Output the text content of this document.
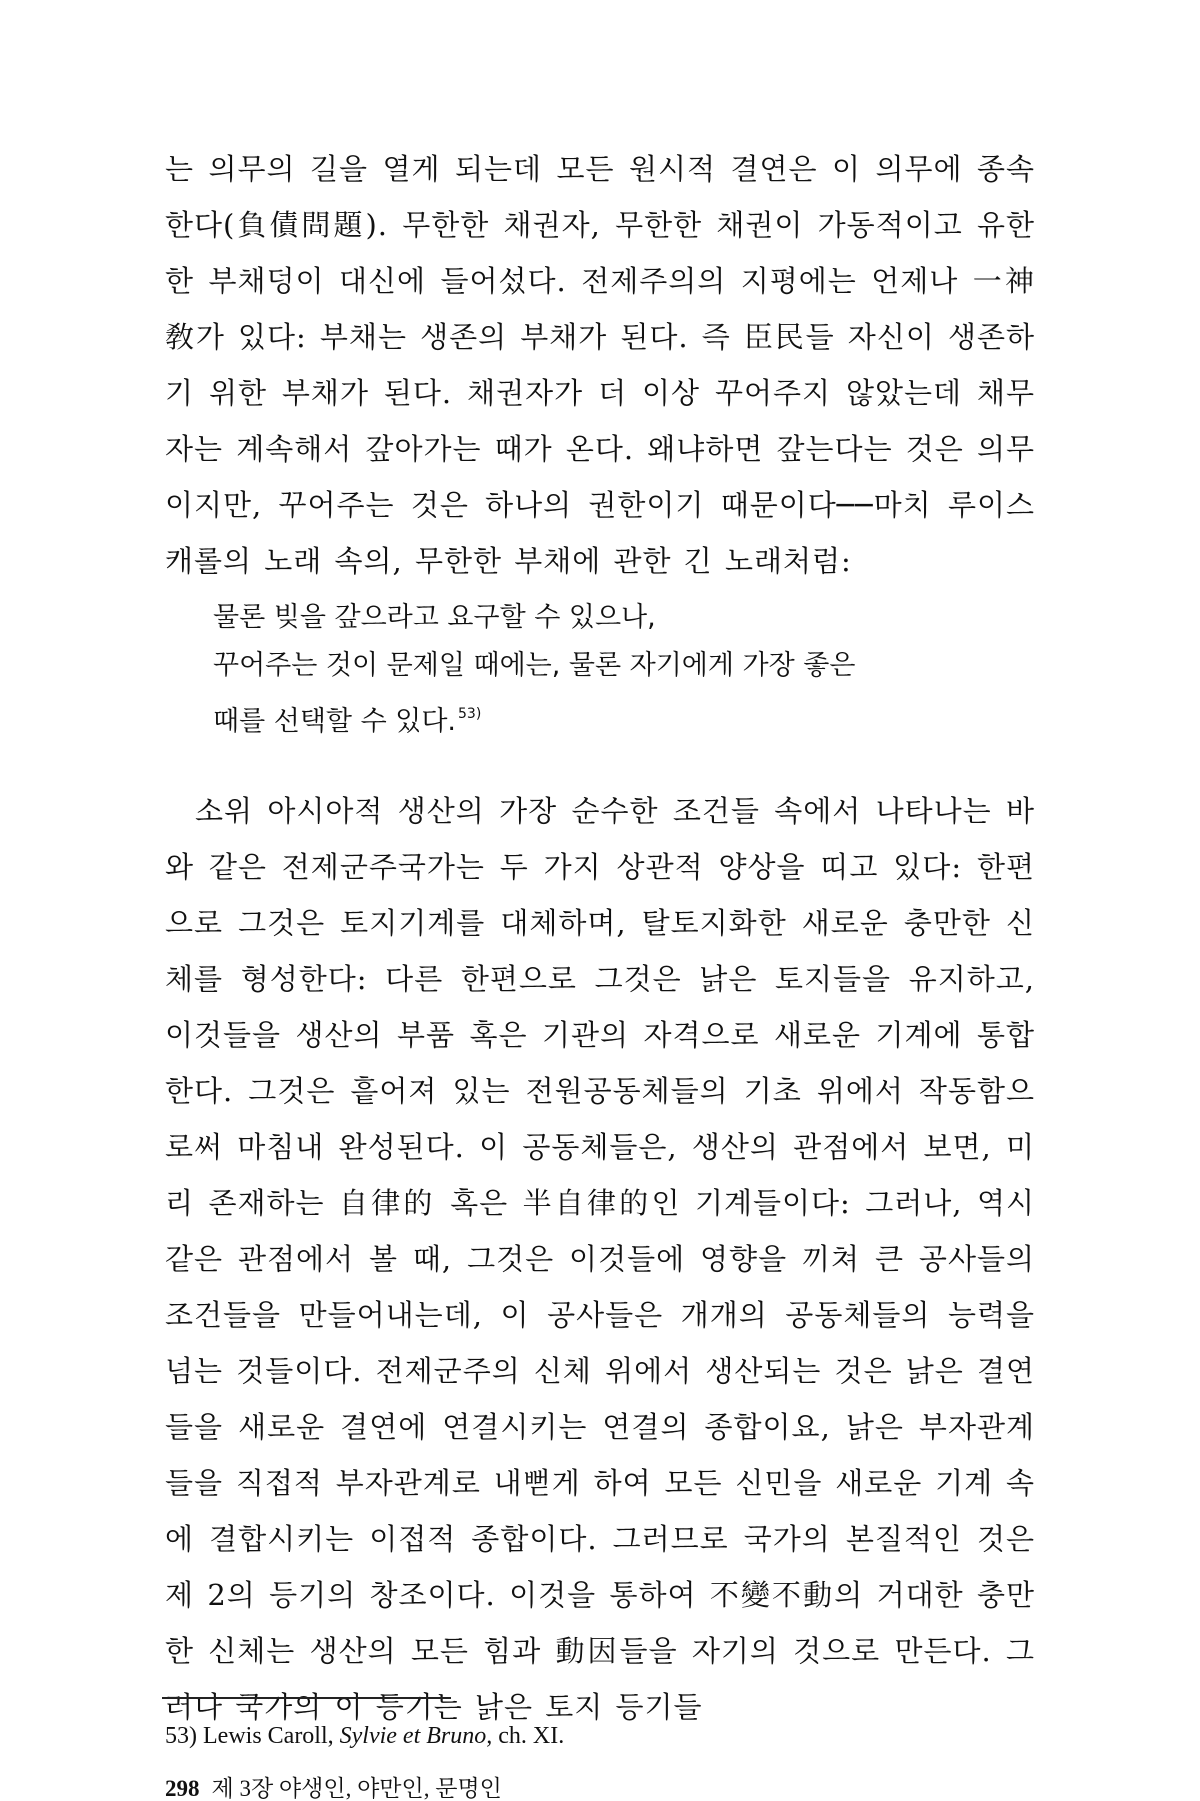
는 의무의 길을 열게 되는데 모든 원시적 결연은 이 의무에 종속한다(負債問題). 무한한 채권자, 무한한 채권이 가동적이고 유한한 부채덩이 대신에 들어섰다. 전제주의의 지평에는 언제나 一神敎가 있다: 부채는 생존의 부채가 된다. 즉 臣民들 자신이 생존하기 위한 부채가 된다. 채권자가 더 이상 꾸어주지 않았는데 채무자는 계속해서 갚아가는 때가 온다. 왜냐하면 갚는다는 것은 의무이지만, 꾸어주는 것은 하나의 권한이기 때문이다──마치 루이스 캐롤의 노래 속의, 무한한 부채에 관한 긴 노래처럼:

물론 빚을 갚으라고 요구할 수 있으나,
꾸어주는 것이 문제일 때에는, 물론 자기에게 가장 좋은
때를 선택할 수 있다. $^{53)}$

소위 아시아적 생산의 가장 순수한 조건들 속에서 나타나는 바와 같은 전제군주국가는 두 가지 상관적 양상을 띠고 있다: 한편으로 그것은 토지기계를 대체하며, 탈토지화한 새로운 충만한 신체를 형성한다: 다른 한편으로 그것은 낡은 토지들을 유지하고, 이것들을 생산의 부품 혹은 기관의 자격으로 새로운 기계에 통합한다. 그것은 흩어져 있는 전원공동체들의 기초 위에서 작동함으로써 마침내 완성된다. 이 공동체들은, 생산의 관점에서 보면, 미리 존재하는 自律的 혹은 半自律的인 기계들이다: 그러나, 역시 같은 관점에서 볼 때, 그것은 이것들에 영향을 끼쳐 큰 공사들의 조건들을 만들어내는데, 이 공사들은 개개의 공동체들의 능력을 넘는 것들이다. 전제군주의 신체 위에서 생산되는 것은 낡은 결연들을 새로운 결연에 연결시키는 연결의 종합이요, 낡은 부자관계들을 직접적 부자관계로 내뻗게 하여 모든 신민을 새로운 기계 속에 결합시키는 이접적 종합이다. 그러므로 국가의 본질적인 것은 제 2의 등기의 창조이다. 이것을 통하여 不變不動의 거대한 충만한 신체는 생산의 모든 힘과 動因들을 자기의 것으로 만든다. 그러나 국가의 이 등기는 낡은 토지 등기들

53) Lewis Caroll, Sylvie et Bruno, ch. XI.
298 제 3장 야생인, 야만인, 문명인
